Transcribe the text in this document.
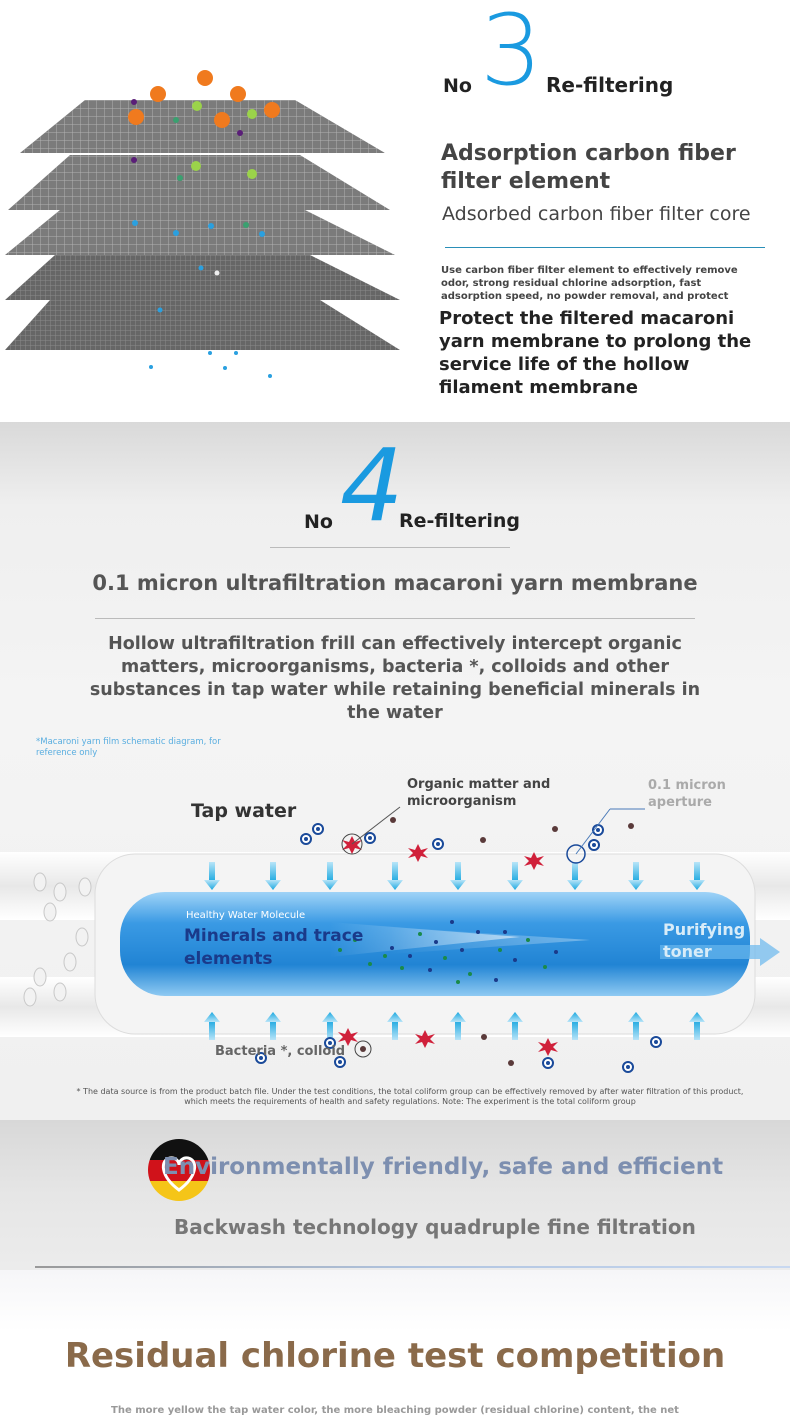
No 3 Re-filtering
Adsorption carbon fiber filter element
Adsorbed carbon fiber filter core
Use carbon fiber filter element to effectively remove odor, strong residual chlorine adsorption, fast adsorption speed, no powder removal, and protect
Protect the filtered macaroni yarn membrane to prolong the service life of the hollow filament membrane
No 4
Re-filtering
0.1 micron ultrafiltration macaroni yarn membrane
Hollow ultrafiltration frill can effectively intercept organic matters, microorganisms, bacteria *, colloids and other substances in tap water while retaining beneficial minerals in the water
*Macaroni yarn film schematic diagram, for reference only
Tap water
Organic matter and microorganism
0.1 micron aperture
Healthy Water Molecule
Minerals and trace elements
Purifying toner
Bacteria *, colloid
* The data source is from the product batch file. Under the test conditions, the total coliform group can be effectively removed by after water filtration of this product, which meets the requirements of health and safety regulations. Note: The experiment is the total coliform group
Environmentally friendly, safe and efficient
Backwash technology quadruple fine filtration
Residual chlorine test competition
The more yellow the tap water color, the more bleaching powder (residual chlorine) content, the net
